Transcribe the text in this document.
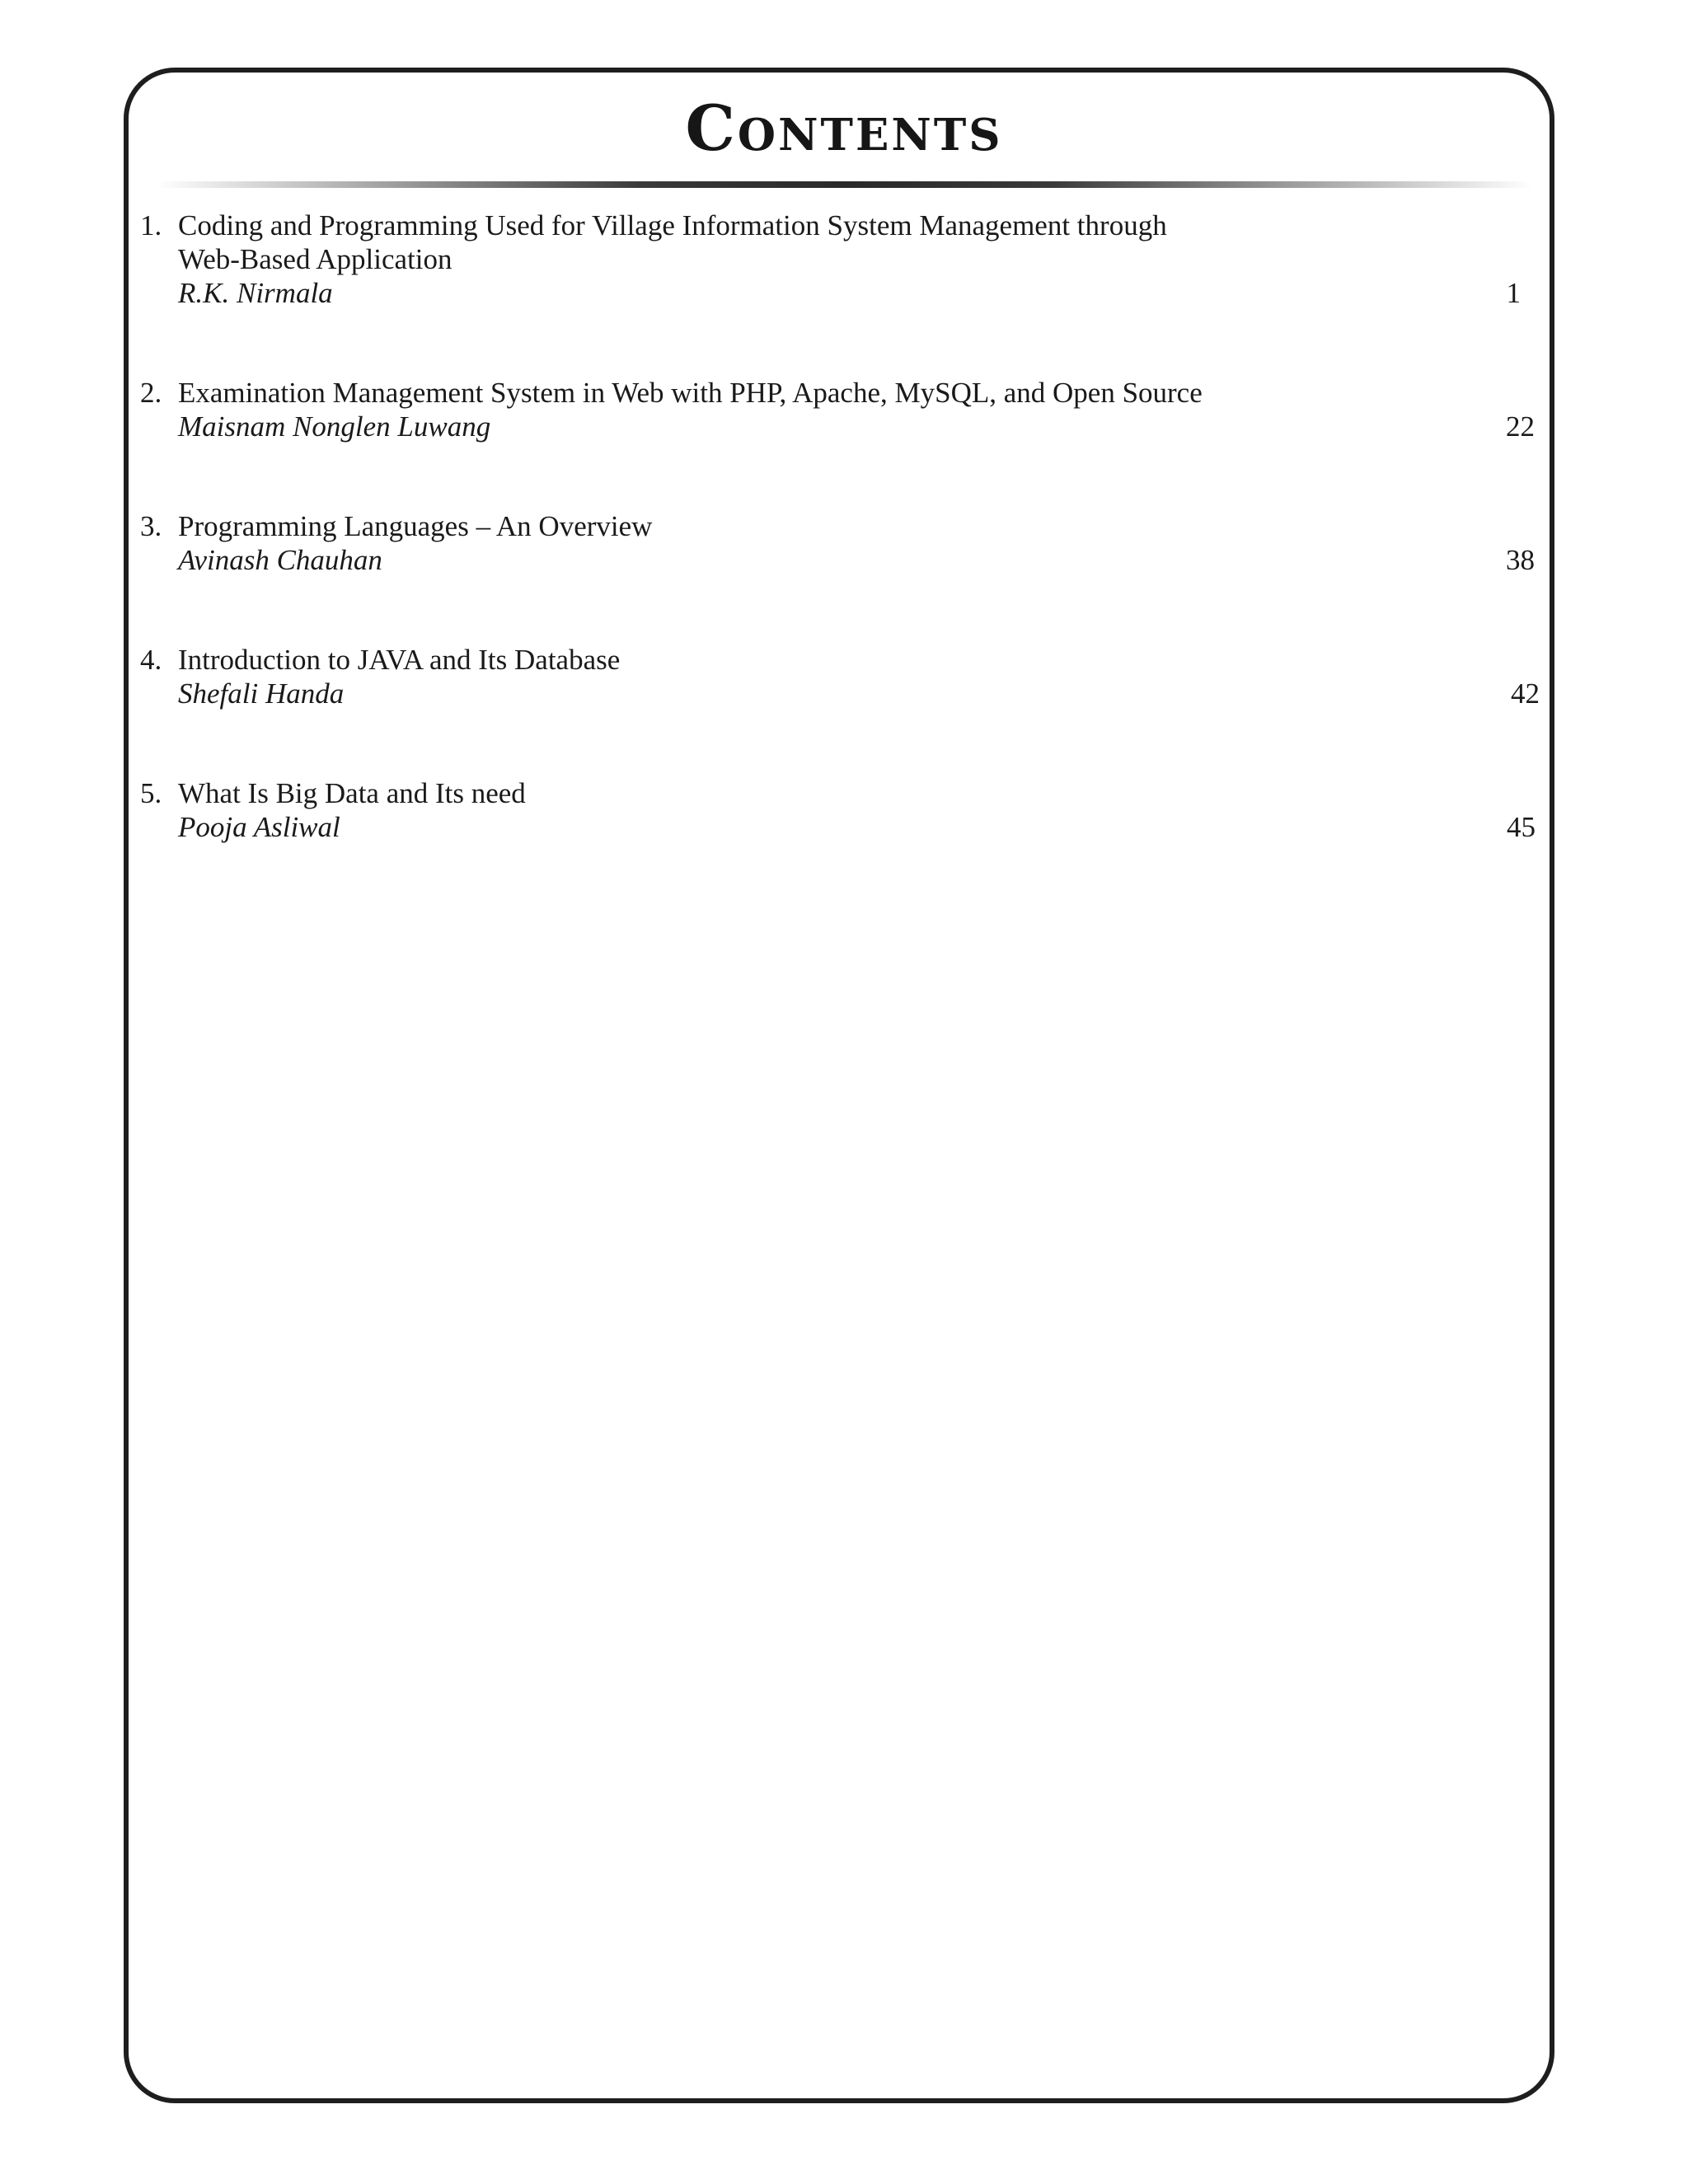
Contents
1. Coding and Programming Used for Village Information System Management through
Web-Based Application
R.K. Nirmala	1
2. Examination Management System in Web with PHP, Apache, MySQL, and Open Source
Maisnam Nonglen Luwang	22
3. Programming Languages – An Overview
Avinash Chauhan	38
4. Introduction to JAVA and Its Database
Shefali Handa	42
5. What Is Big Data and Its need
Pooja Asliwal	45
